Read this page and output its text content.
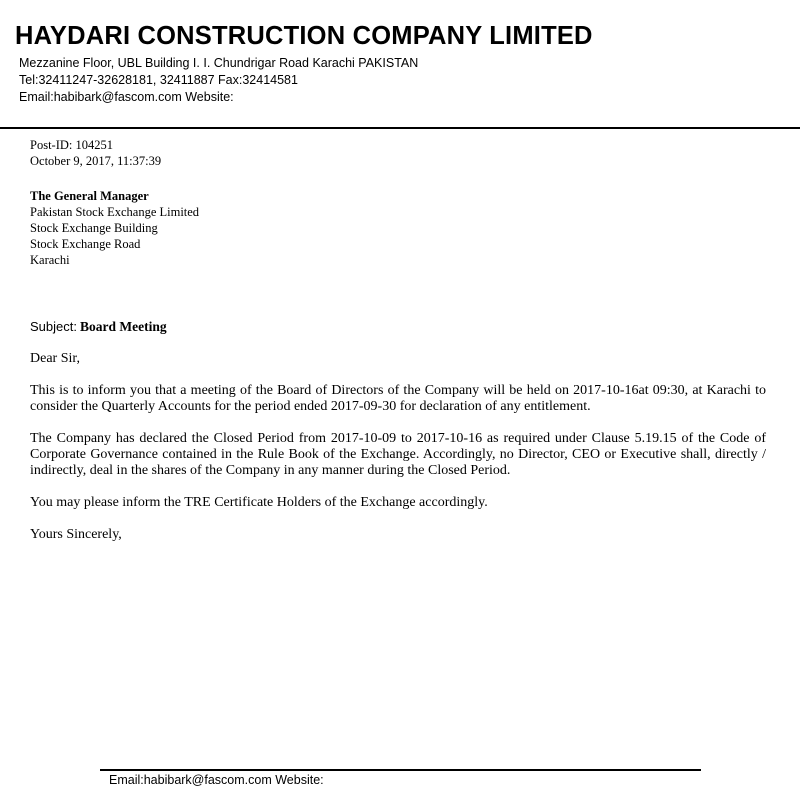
HAYDARI CONSTRUCTION COMPANY LIMITED
Mezzanine Floor, UBL Building I. I. Chundrigar Road Karachi PAKISTAN
Tel:32411247-32628181, 32411887 Fax:32414581
Email:habibark@fascom.com Website:
Post-ID: 104251
October 9, 2017, 11:37:39
The General Manager
Pakistan Stock Exchange Limited
Stock Exchange Building
Stock Exchange Road
Karachi
Subject: Board Meeting
Dear Sir,
This is to inform you that a meeting of the Board of Directors of the Company will be held on 2017-10-16at 09:30, at Karachi to consider the Quarterly Accounts for the period ended 2017-09-30 for declaration of any entitlement.
The Company has declared the Closed Period from 2017-10-09 to 2017-10-16 as required under Clause 5.19.15 of the Code of Corporate Governance contained in the Rule Book of the Exchange. Accordingly, no Director, CEO or Executive shall, directly / indirectly, deal in the shares of the Company in any manner during the Closed Period.
You may please inform the TRE Certificate Holders of the Exchange accordingly.
Yours Sincerely,
Email:habibark@fascom.com Website:
